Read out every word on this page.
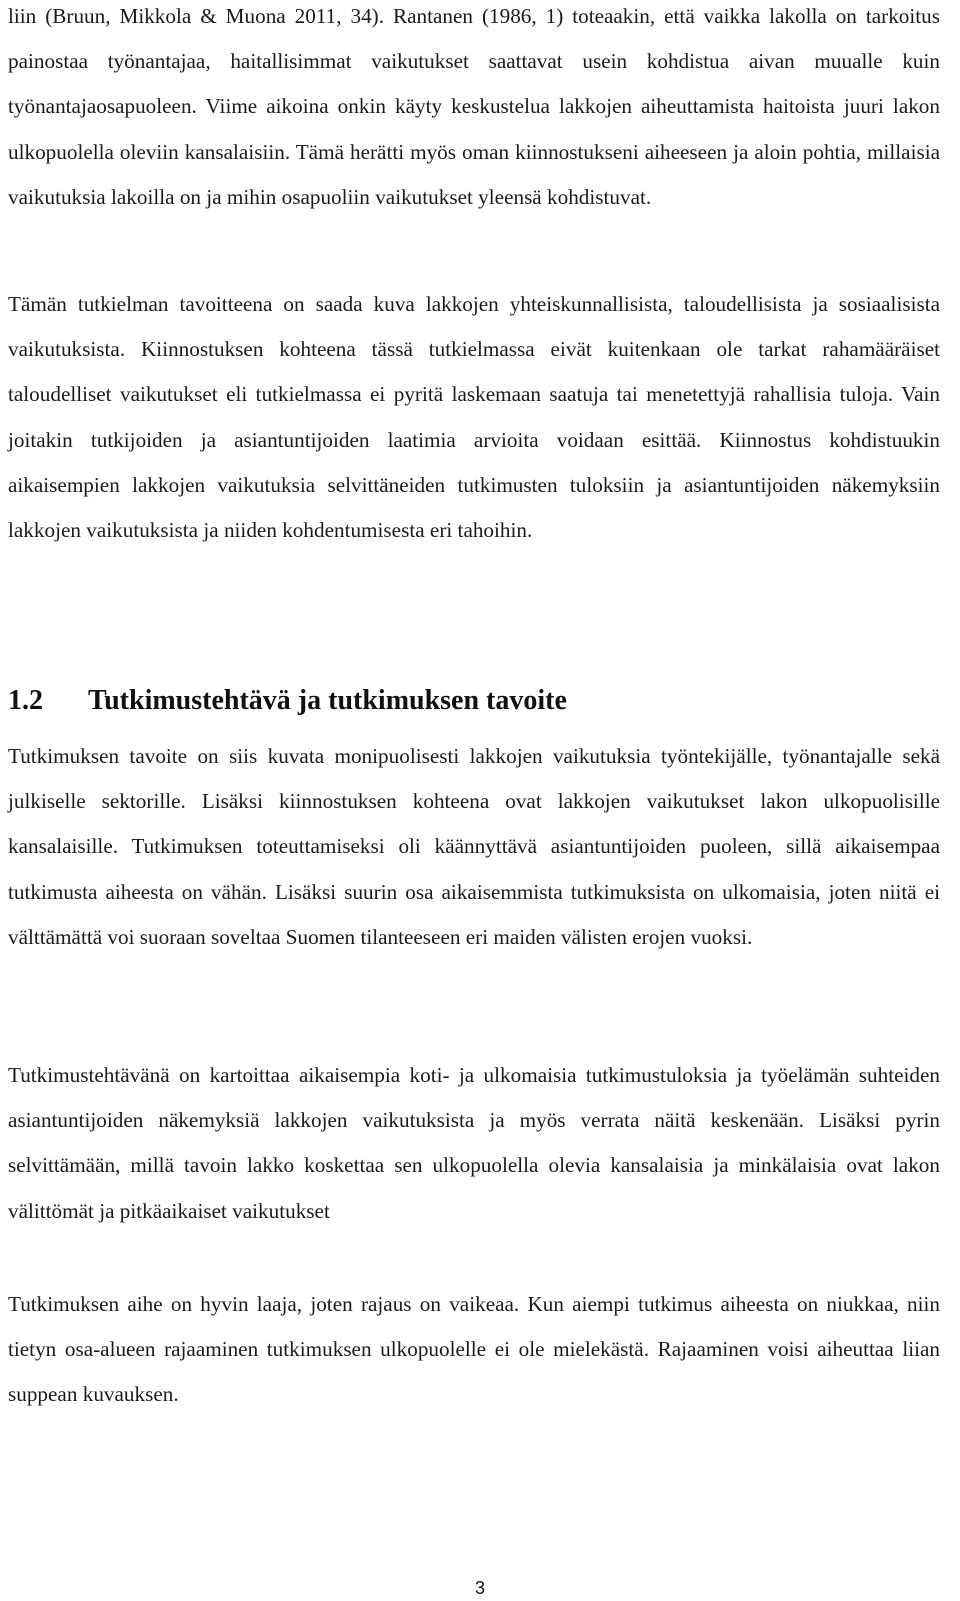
liin (Bruun, Mikkola & Muona 2011, 34). Rantanen (1986, 1) toteaakin, että vaikka lakolla on tarkoitus painostaa työnantajaa, haitallisimmat vaikutukset saattavat usein kohdistua aivan muualle kuin työnantajaosapuoleen. Viime aikoina onkin käyty keskustelua lakkojen aiheuttamista haitoista juuri lakon ulkopuolella oleviin kansalaisiin. Tämä herätti myös oman kiinnostukseni aiheeseen ja aloin pohtia, millaisia vaikutuksia lakoilla on ja mihin osapuoliin vaikutukset yleensä kohdistuvat.

Tämän tutkielman tavoitteena on saada kuva lakkojen yhteiskunnallisista, taloudellisista ja sosiaalisista vaikutuksista. Kiinnostuksen kohteena tässä tutkielmassa eivät kuitenkaan ole tarkat rahamääräiset taloudelliset vaikutukset eli tutkielmassa ei pyritä laskemaan saatuja tai menetettyjä rahallisia tuloja. Vain joitakin tutkijoiden ja asiantuntijoiden laatimia arvioita voidaan esittää. Kiinnostus kohdistuukin aikaisempien lakkojen vaikutuksia selvittäneiden tutkimusten tuloksiin ja asiantuntijoiden näkemyksiin lakkojen vaikutuksista ja niiden kohdentumisesta eri tahoihin.

1.2 Tutkimustehtävä ja tutkimuksen tavoite

Tutkimuksen tavoite on siis kuvata monipuolisesti lakkojen vaikutuksia työntekijälle, työnantajalle sekä julkiselle sektorille. Lisäksi kiinnostuksen kohteena ovat lakkojen vaikutukset lakon ulkopuolisille kansalaisille. Tutkimuksen toteuttamiseksi oli käännyttävä asiantuntijoiden puoleen, sillä aikaisempaa tutkimusta aiheesta on vähän. Lisäksi suurin osa aikaisemmista tutkimuksista on ulkomaisia, joten niitä ei välttämättä voi suoraan soveltaa Suomen tilanteeseen eri maiden välisten erojen vuoksi.

Tutkimustehtävänä on kartoittaa aikaisempia koti- ja ulkomaisia tutkimustuloksia ja työelämän suhteiden asiantuntijoiden näkemyksiä lakkojen vaikutuksista ja myös verrata näitä keskenään. Lisäksi pyrin selvittämään, millä tavoin lakko koskettaa sen ulkopuolella olevia kansalaisia ja minkälaisia ovat lakon välittömät ja pitkäaikaiset vaikutukset

Tutkimuksen aihe on hyvin laaja, joten rajaus on vaikeaa. Kun aiempi tutkimus aiheesta on niukkaa, niin tietyn osa-alueen rajaaminen tutkimuksen ulkopuolelle ei ole mielekästä. Rajaaminen voisi aiheuttaa liian suppean kuvauksen.

3
